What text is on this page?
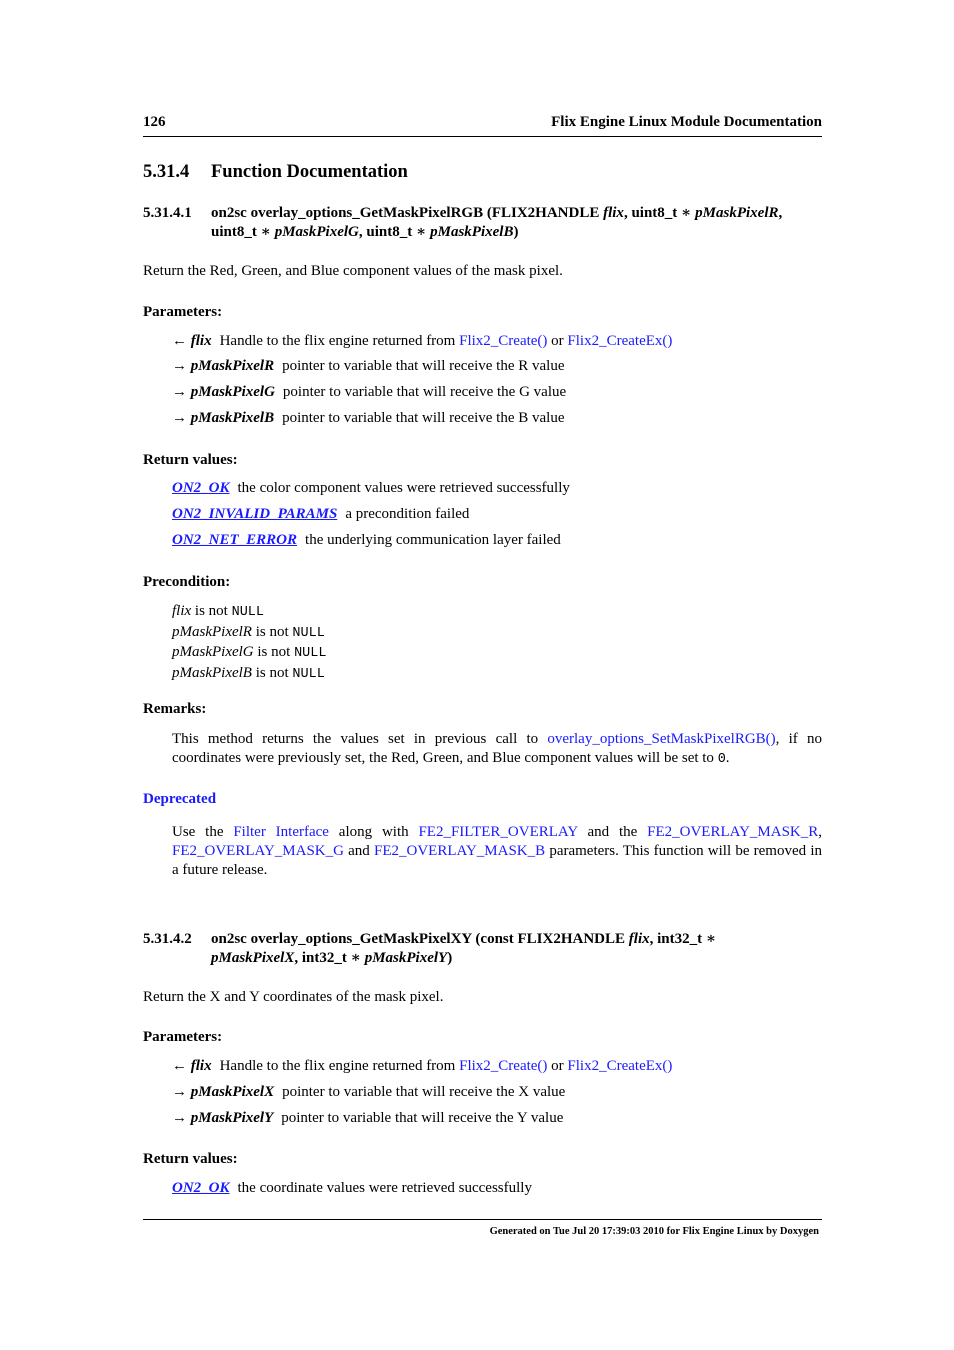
126	Flix Engine Linux Module Documentation
5.31.4 Function Documentation
5.31.4.1 on2sc overlay_options_GetMaskPixelRGB (FLIX2HANDLE flix, uint8_t ∗ pMaskPixelR,
uint8_t ∗ pMaskPixelG, uint8_t ∗ pMaskPixelB)
Return the Red, Green, and Blue component values of the mask pixel.
Parameters:
← flix Handle to the flix engine returned from Flix2_Create() or Flix2_CreateEx()
→ pMaskPixelR pointer to variable that will receive the R value
→ pMaskPixelG pointer to variable that will receive the G value
→ pMaskPixelB pointer to variable that will receive the B value
Return values:
ON2_OK the color component values were retrieved successfully
ON2_INVALID_PARAMS a precondition failed
ON2_NET_ERROR the underlying communication layer failed
Precondition:
flix is not NULL
pMaskPixelR is not NULL
pMaskPixelG is not NULL
pMaskPixelB is not NULL
Remarks:
This method returns the values set in previous call to overlay_options_SetMaskPixelRGB(), if no coordinates were previously set, the Red, Green, and Blue component values will be set to 0.
Deprecated
Use the Filter Interface along with FE2_FILTER_OVERLAY and the FE2_OVERLAY_MASK_R, FE2_OVERLAY_MASK_G and FE2_OVERLAY_MASK_B parameters. This function will be removed in a future release.
5.31.4.2 on2sc overlay_options_GetMaskPixelXY (const FLIX2HANDLE flix, int32_t ∗
pMaskPixelX, int32_t ∗ pMaskPixelY)
Return the X and Y coordinates of the mask pixel.
Parameters:
← flix Handle to the flix engine returned from Flix2_Create() or Flix2_CreateEx()
→ pMaskPixelX pointer to variable that will receive the X value
→ pMaskPixelY pointer to variable that will receive the Y value
Return values:
ON2_OK the coordinate values were retrieved successfully
Generated on Tue Jul 20 17:39:03 2010 for Flix Engine Linux by Doxygen
